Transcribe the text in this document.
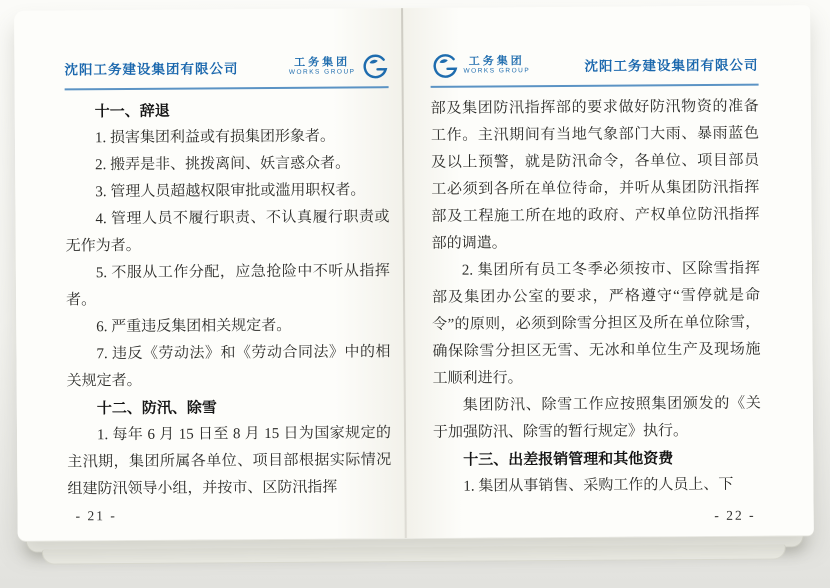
沈阳工务建设集团有限公司	工务集团
WORKS GROUP

十一、辞退

1. 损害集团利益或有损集团形象者。

2. 搬弄是非、挑拨离间、妖言惑众者。

3. 管理人员超越权限审批或滥用职权者。

4. 管理人员不履行职责、不认真履行职责或无作为者。

5. 不服从工作分配，应急抢险中不听从指挥者。

6. 严重违反集团相关规定者。

7. 违反《劳动法》和《劳动合同法》中的相关规定者。

十二、防汛、除雪

1. 每年 6 月 15 日至 8 月 15 日为国家规定的主汛期，集团所属各单位、项目部根据实际情况组建防汛领导小组，并按市、区防汛指挥

- 21 -
工务集团
WORKS GROUP	沈阳工务建设集团有限公司

部及集团防汛指挥部的要求做好防汛物资的准备工作。主汛期间有当地气象部门大雨、暴雨蓝色及以上预警，就是防汛命令，各单位、项目部员工必须到各所在单位待命，并听从集团防汛指挥部及工程施工所在地的政府、产权单位防汛指挥部的调遣。

2. 集团所有员工冬季必须按市、区除雪指挥部及集团办公室的要求，严格遵守“雪停就是命令”的原则，必须到除雪分担区及所在单位除雪，确保除雪分担区无雪、无冰和单位生产及现场施工顺利进行。

集团防汛、除雪工作应按照集团颁发的《关于加强防汛、除雪的暂行规定》执行。

十三、出差报销管理和其他资费

1. 集团从事销售、采购工作的人员上、下

- 22 -
